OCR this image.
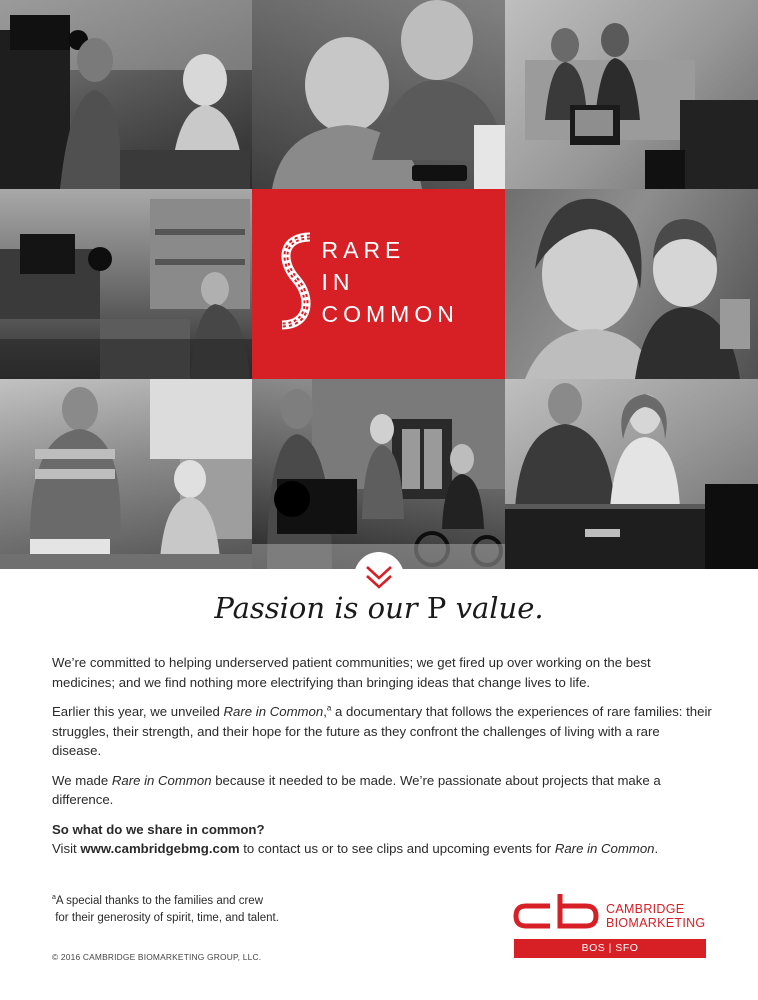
RARE
IN
COMMON
Passion is our P value.

We’re committed to helping underserved patient communities; we get fired up over working on the best medicines; and we find nothing more electrifying than bringing ideas that change lives to life.

Earlier this year, we unveiled Rare in Common,$^a$ a documentary that follows the experiences of rare families: their struggles, their strength, and their hope for the future as they confront the challenges of living with a rare disease.

We made Rare in Common because it needed to be made. We’re passionate about projects that make a difference.

So what do we share in common?

Visit www.cambridgebmg.com to contact us or to see clips and upcoming events for Rare in Common.

$^a$A special thanks to the families and crew
for their generosity of spirit, time, and talent.
© 2016 CAMBRIDGE BIOMARKETING GROUP, LLC.
CAMBRIDGE
BIOMARKETING
BOS | SFO
